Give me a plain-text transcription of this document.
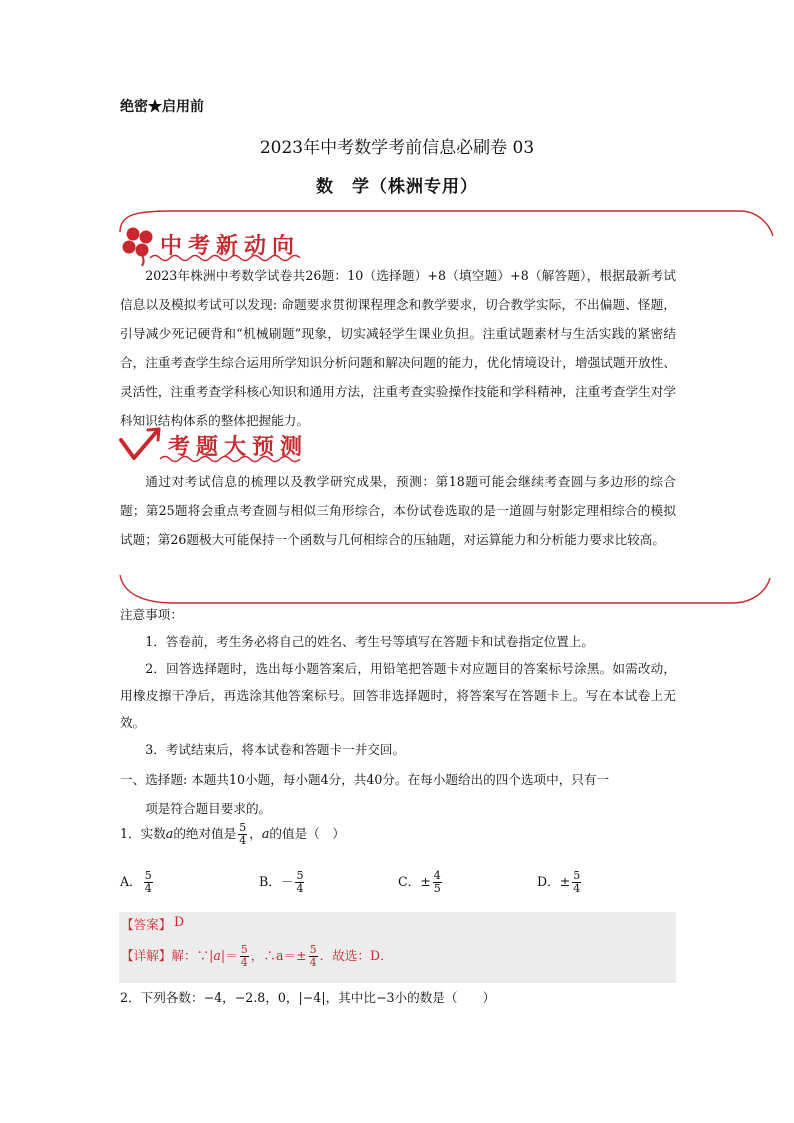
绝密★启用前
2023年中考数学考前信息必刷卷 03
数　学（株洲专用）
中考新动向
考题大预测
2023年株洲中考数学试卷共26题：10（选择题）+8（填空题）+8（解答题），根据最新考试信息以及模拟考试可以发现: 命题要求贯彻课程理念和教学要求，切合教学实际，不出偏题、怪题，引导减少死记硬背和“机械刷题”现象，切实减轻学生课业负担。注重试题素材与生活实践的紧密结合，注重考查学生综合运用所学知识分析问题和解决问题的能力，优化情境设计，增强试题开放性、灵活性，注重考查学科核心知识和通用方法，注重考查实验操作技能和学科精神，注重考查学生对学科知识结构体系的整体把握能力。
通过对考试信息的梳理以及教学研究成果，预测：第18题可能会继续考查圆与多边形的综合题；第25题将会重点考查圆与相似三角形综合，本份试卷选取的是一道圆与射影定理相综合的模拟试题；第26题极大可能保持一个函数与几何相综合的压轴题，对运算能力和分析能力要求比较高。
注意事项：
1．答卷前，考生务必将自己的姓名、考生号等填写在答题卡和试卷指定位置上。
2．回答选择题时，选出每小题答案后，用铅笔把答题卡对应题目的答案标号涂黑。如需改动，用橡皮擦干净后，再选涂其他答案标号。回答非选择题时，将答案写在答题卡上。写在本试卷上无效。
3．考试结束后，将本试卷和答题卡一并交回。
一、选择题: 本题共10小题，每小题4分，共40分。在每小题给出的四个选项中，只有一
项是符合题目要求的。
1．实数a的绝对值是 $\frac{5}{4}$ ，a的值是（　）
A． $\frac{5}{4}$	B．－ $\frac{5}{4}$	C．± $\frac{4}{5}$	D．± $\frac{5}{4}$
【答案】 D
【详解】解：∵|a|＝ $\frac{5}{4}$ ，∴a＝± $\frac{5}{4}$ ．故选：D．
2．下列各数：−4，−2.8，0，|−4|，其中比−3小的数是（　　）
